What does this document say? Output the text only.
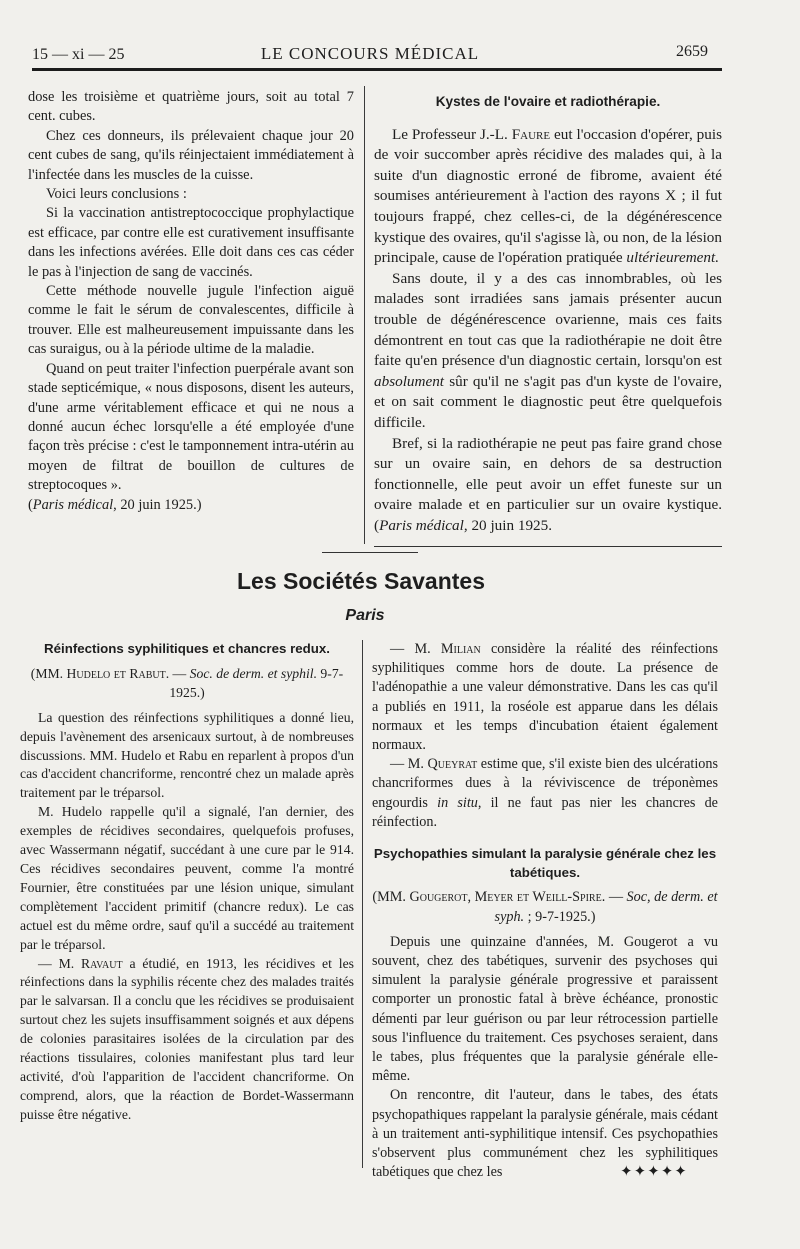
15 — xi — 25	LE CONCOURS MÉDICAL	2659

dose les troisième et quatrième jours, soit au total 7 cent. cubes.

Chez ces donneurs, ils prélevaient chaque jour 20 cent cubes de sang, qu'ils réinjectaient immédiatement à l'infectée dans les muscles de la cuisse.

Voici leurs conclusions :

Si la vaccination antistreptococcique prophylactique est efficace, par contre elle est curativement insuffisante dans les infections avérées. Elle doit dans ces cas céder le pas à l'injection de sang de vaccinés.

Cette méthode nouvelle jugule l'infection aiguë comme le fait le sérum de convalescentes, difficile à trouver. Elle est malheureusement impuissante dans les cas suraigus, ou à la période ultime de la maladie.

Quand on peut traiter l'infection puerpérale avant son stade septicémique, « nous disposons, disent les auteurs, d'une arme véritablement efficace et qui ne nous a donné aucun échec lorsqu'elle a été employée d'une façon très précise : c'est le tamponnement intra-utérin au moyen de filtrat de bouillon de cultures de streptocoques ».

(Paris médical, 20 juin 1925.)

Kystes de l'ovaire et radiothérapie.

Le Professeur J.-L. Faure eut l'occasion d'opérer, puis de voir succomber après récidive des malades qui, à la suite d'un diagnostic erroné de fibrome, avaient été soumises antérieurement à l'action des rayons X ; il fut toujours frappé, chez celles-ci, de la dégénérescence kystique des ovaires, qu'il s'agisse là, ou non, de la lésion principale, cause de l'opération pratiquée ultérieurement.

Sans doute, il y a des cas innombrables, où les malades sont irradiées sans jamais présenter aucun trouble de dégénérescence ovarienne, mais ces faits démontrent en tout cas que la radiothérapie ne doit être faite qu'en présence d'un diagnostic certain, lorsqu'on est absolument sûr qu'il ne s'agit pas d'un kyste de l'ovaire, et on sait comment le diagnostic peut être quelquefois difficile.

Bref, si la radiothérapie ne peut pas faire grand chose sur un ovaire sain, en dehors de sa destruction fonctionnelle, elle peut avoir un effet funeste sur un ovaire malade et en particulier sur un ovaire kystique. (Paris médical, 20 juin 1925.

Les Sociétés Savantes
Paris

Réinfections syphilitiques et chancres redux.

(MM. Hudelo et Rabut. — Soc. de derm. et syphil. 9-7-1925.)

La question des réinfections syphilitiques a donné lieu, depuis l'avènement des arsenicaux surtout, à de nombreuses discussions. MM. Hudelo et Rabu en reparlent à propos d'un cas d'accident chancriforme, rencontré chez un malade après traitement par le tréparsol.

M. Hudelo rappelle qu'il a signalé, l'an dernier, des exemples de récidives secondaires, quelquefois profuses, avec Wassermann négatif, succédant à une cure par le 914. Ces récidives secondaires peuvent, comme l'a montré Fournier, être constituées par une lésion unique, simulant complètement l'accident primitif (chancre redux). Le cas actuel est du même ordre, sauf qu'il a succédé au traitement par le tréparsol.

— M. Ravaut a étudié, en 1913, les récidives et les réinfections dans la syphilis récente chez des malades traités par le salvarsan. Il a conclu que les récidives se produisaient surtout chez les sujets insuffisamment soignés et aux dépens de colonies parasitaires isolées de la circulation par des réactions tissulaires, colonies manifestant plus tard leur activité, d'où l'apparition de l'accident chancriforme. On comprend, alors, que la réaction de Bordet-Wassermann puisse être négative.

— M. Milian considère la réalité des réinfections syphilitiques comme hors de doute. La présence de l'adénopathie a une valeur démonstrative. Dans les cas qu'il a publiés en 1911, la roséole est apparue dans les délais normaux et les temps d'incubation étaient également normaux.

— M. Queyrat estime que, s'il existe bien des ulcérations chancriformes dues à la réviviscence de tréponèmes engourdis in situ, il ne faut pas nier les chancres de réinfection.

Psychopathies simulant la paralysie générale chez les tabétiques.

(MM. Gougerot, Meyer et Weill-Spire. — Soc, de derm. et syph. ; 9-7-1925.)

Depuis une quinzaine d'années, M. Gougerot a vu souvent, chez des tabétiques, survenir des psychoses qui simulent la paralysie générale progressive et paraissent comporter un pronostic fatal à brève échéance, pronostic démenti par leur guérison ou par leur rétrocession partielle sous l'influence du traitement. Ces psychoses seraient, dans le tabes, plus fréquentes que la paralysie générale elle-même.

On rencontre, dit l'auteur, dans le tabes, des états psychopathiques rappelant la paralysie générale, mais cédant à un traitement anti-syphilitique intensif. Ces psychopathies s'observent plus communément chez les syphilitiques tabétiques que chez les	✦✦✦✦✦
